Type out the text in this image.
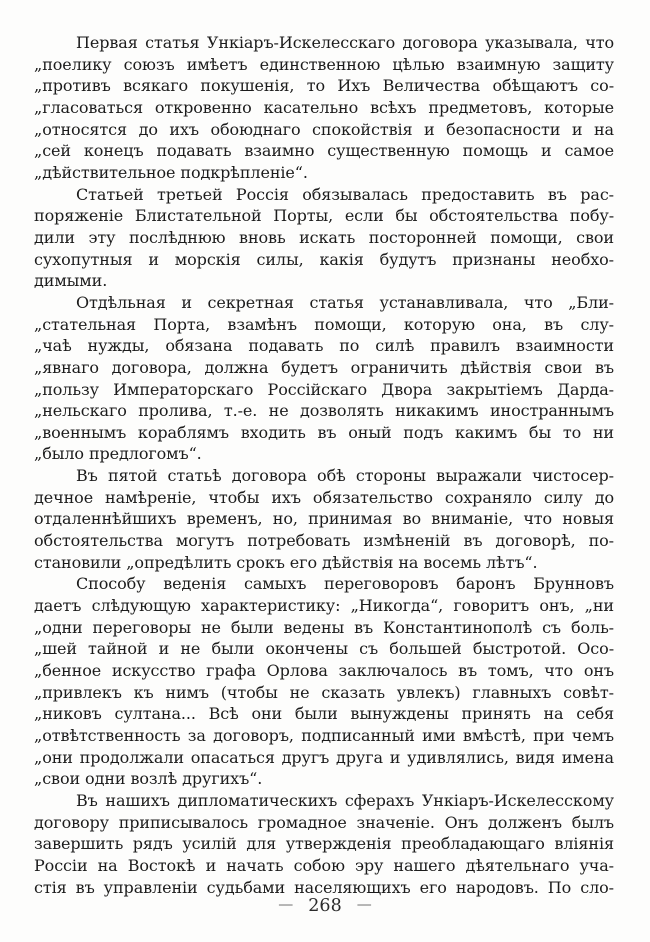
Первая статья Ункіаръ-Искелесскаго договора указывала, что
„поелику союзъ имѣетъ единственною цѣлью взаимную защиту
„противъ всякаго покушенія, то Ихъ Величества обѣщаютъ со-
„гласоваться откровенно касательно всѣхъ предметовъ, которые
„относятся до ихъ обоюднаго спокойствія и безопасности и на
„сей конецъ подавать взаимно существенную помощь и самое
„дѣйствительное подкрѣпленіе“.
Статьей третьей Россія обязывалась предоставить въ рас-
поряженіе Блистательной Порты, если бы обстоятельства побу-
дили эту послѣднюю вновь искать посторонней помощи, свои
сухопутныя и морскія силы, какія будутъ признаны необхо-
димыми.
Отдѣльная и секретная статья устанавливала, что „Бли-
„стательная Порта, взамѣнъ помощи, которую она, въ слу-
„чаѣ нужды, обязана подавать по силѣ правилъ взаимности
„явнаго договора, должна будетъ ограничить дѣйствія свои въ
„пользу Императорскаго Россійскаго Двора закрытіемъ Дарда-
„нельскаго пролива, т.-е. не дозволять никакимъ иностраннымъ
„военнымъ кораблямъ входить въ оный подъ какимъ бы то ни
„было предлогомъ“.
Въ пятой статьѣ договора обѣ стороны выражали чистосер-
дечное намѣреніе, чтобы ихъ обязательство сохраняло силу до
отдаленнѣйшихъ временъ, но, принимая во вниманіе, что новыя
обстоятельства могутъ потребовать измѣненій въ договорѣ, по-
становили „опредѣлить срокъ его дѣйствія на восемь лѣтъ“.
Способу веденія самыхъ переговоровъ баронъ Брунновъ
даетъ слѣдующую характеристику: „Никогда“, говоритъ онъ, „ни
„одни переговоры не были ведены въ Константинополѣ съ боль-
„шей тайной и не были окончены съ большей быстротой. Осо-
„бенное искусство графа Орлова заключалось въ томъ, что онъ
„привлекъ къ нимъ (чтобы не сказать увлекъ) главныхъ совѣт-
„никовъ султана... Всѣ они были вынуждены принять на себя
„отвѣтственность за договоръ, подписанный ими вмѣстѣ, при чемъ
„они продолжали опасаться другъ друга и удивлялись, видя имена
„свои одни возлѣ другихъ“.
Въ нашихъ дипломатическихъ сферахъ Ункіаръ-Искелесскому
договору приписывалось громадное значеніе. Онъ долженъ былъ
завершить рядъ усилій для утвержденія преобладающаго вліянія
Россіи на Востокѣ и начать собою эру нашего дѣятельнаго уча-
стія въ управленіи судьбами населяющихъ его народовъ. По сло-
— 268 —
